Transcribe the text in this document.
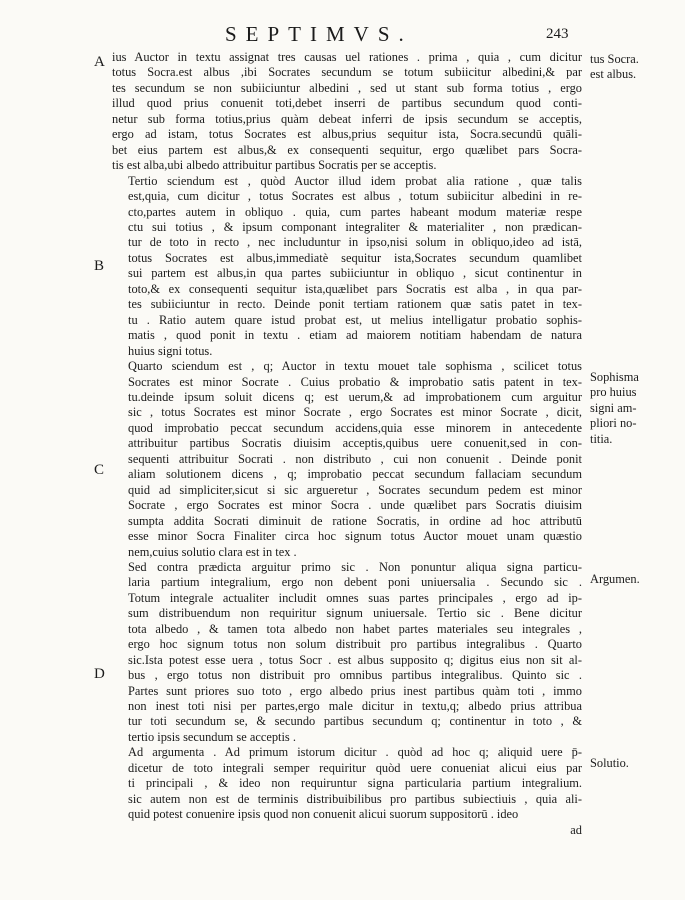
SEPTIMVS.	243
A
B
C
D
tus Socra.
est albus.
Sophisma
pro huius
signi am-
pliori no-
titia.
Argumen.
Solutio.
ius Auctor in textu assignat tres causas uel rationes . prima , quia , cum dicitur
totus Socra.est albus ,ibi Socrates secundum se totum subiicitur albedini,& par
tes secundum se non subiiciuntur albedini , sed ut stant sub forma totius , ergo
illud quod prius conuenit toti,debet inserri de partibus secundum quod conti-
netur sub forma totius,prius quàm debeat inferri de ipsis secundum se acceptis,
ergo ad istam, totus Socrates est albus,prius sequitur ista, Socra.secundū quāli-
bet eius partem est albus,& ex consequenti sequitur, ergo quælibet pars Socra-
tis est alba,ubi albedo attribuitur partibus Socratis per se acceptis.
Tertio sciendum est , quòd Auctor illud idem probat alia ratione , quæ talis
est,quia, cum dicitur , totus Socrates est albus , totum subiicitur albedini in re-
cto,partes autem in obliquo . quia, cum partes habeant modum materiæ respe
ctu sui totius , & ipsum componant integraliter & materialiter , non prædican-
tur de toto in recto , nec includuntur in ipso,nisi solum in obliquo,ideo ad istā,
totus Socrates est albus,immediatè sequitur ista,Socrates secundum quamlibet
sui partem est albus,in qua partes subiiciuntur in obliquo , sicut continentur in
toto,& ex consequenti sequitur ista,quælibet pars Socratis est alba , in qua par-
tes subiiciuntur in recto. Deinde ponit tertiam rationem quæ satis patet in tex-
tu . Ratio autem quare istud probat est, ut melius intelligatur probatio sophis-
matis , quod ponit in textu . etiam ad maiorem notitiam habendam de natura
huius signi totus.
Quarto sciendum est , q; Auctor in textu mouet tale sophisma , scilicet totus
Socrates est minor Socrate . Cuius probatio & improbatio satis patent in tex-
tu.deinde ipsum soluit dicens q; est uerum,& ad improbationem cum arguitur
sic , totus Socrates est minor Socrate , ergo Socrates est minor Socrate , dicit,
quod improbatio peccat secundum accidens,quia esse minorem in antecedente
attribuitur partibus Socratis diuisim acceptis,quibus uere conuenit,sed in con-
sequenti attribuitur Socrati . non distributo , cui non conuenit . Deinde ponit
aliam solutionem dicens , q; improbatio peccat secundum fallaciam secundum
quid ad simpliciter,sicut si sic argueretur , Socrates secundum pedem est minor
Socrate , ergo Socrates est minor Socra . unde quælibet pars Socratis diuisim
sumpta addita Socrati diminuit de ratione Socratis, in ordine ad hoc attributū
esse minor Socra Finaliter circa hoc signum totus Auctor mouet unam quæstio
nem,cuius solutio clara est in tex .
Sed contra prædicta arguitur primo sic . Non ponuntur aliqua signa particu-
laria partium integralium, ergo non debent poni uniuersalia . Secundo sic .
Totum integrale actualiter includit omnes suas partes principales , ergo ad ip-
sum distribuendum non requiritur signum uniuersale. Tertio sic . Bene dicitur
tota albedo , & tamen tota albedo non habet partes materiales seu integrales ,
ergo hoc signum totus non solum distribuit pro partibus integralibus . Quarto
sic.Ista potest esse uera , totus Socr . est albus supposito q; digitus eius non sit al-
bus , ergo totus non distribuit pro omnibus partibus integralibus. Quinto sic .
Partes sunt priores suo toto , ergo albedo prius inest partibus quàm toti , immo
non inest toti nisi per partes,ergo male dicitur in textu,q; albedo prius attribua
tur toti secundum se, & secundo partibus secundum q; continentur in toto , &
tertio ipsis secundum se acceptis .
Ad argumenta . Ad primum istorum dicitur . quòd ad hoc q; aliquid uere p̄-
dicetur de toto integrali semper requiritur quòd uere conueniat alicui eius par
ti principali , & ideo non requiruntur signa particularia partium integralium.
sic autem non est de terminis distribuibilibus pro partibus subiectiuis , quia ali-
quid potest conuenire ipsis quod non conuenit alicui suorum suppositorū . ideo
ad
